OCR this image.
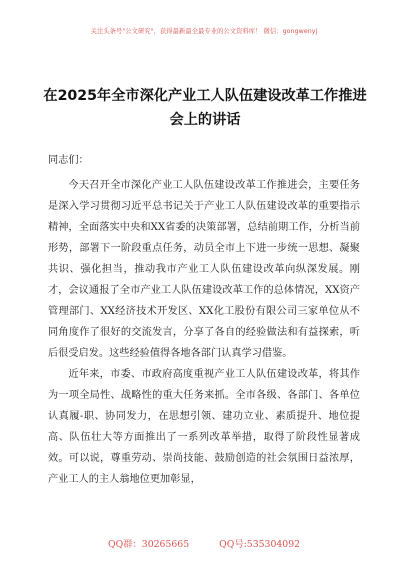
关注头条号"公文研究"，获得最新最全最专业的公文资料库！ 微信：gongwenyj
在2025年全市深化产业工人队伍建设改革工作推进会上的讲话

同志们：

今天召开全市深化产业工人队伍建设改革工作推进会，主要任务是深入学习贯彻习近平总书记关于产业工人队伍建设改革的重要指示精神，全面落实中央和XX省委的决策部署，总结前期工作，分析当前形势，部署下一阶段重点任务，动员全市上下进一步统一思想、凝聚共识、强化担当，推动我市产业工人队伍建设改革向纵深发展。刚才，会议通报了全市产业工人队伍建设改革工作的总体情况，XX资产管理部门、XX经济技术开发区、XX化工股份有限公司三家单位从不同角度作了很好的交流发言，分享了各自的经验做法和有益探索，听后很受启发。这些经验值得各地各部门认真学习借鉴。

近年来，市委、市政府高度重视产业工人队伍建设改革，将其作为一项全局性、战略性的重大任务来抓。全市各级、各部门、各单位认真履-职、协同发力，在思想引领、建功立业、素质提升、地位提高、队伍壮大等方面推出了一系列改革举措，取得了阶段性显著成效。可以说，尊重劳动、崇尚技能、鼓励创造的社会氛围日益浓厚，产业工人的主人翁地位更加彰显，

QQ群：30265665	QQ号:535304092
